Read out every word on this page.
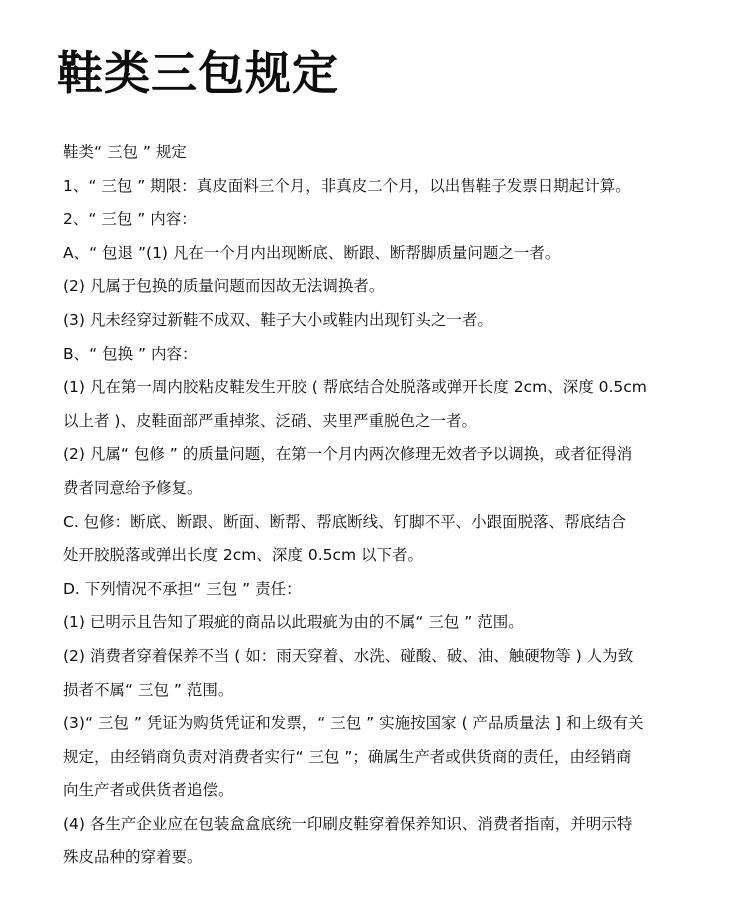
鞋类三包规定

鞋类“ 三包 ” 规定

1、“ 三包 ” 期限：真皮面料三个月，非真皮二个月，以出售鞋子发票日期起计算。

2、“ 三包 ” 内容：

A、“ 包退 ”(1) 凡在一个月内出现断底、断跟、断帮脚质量问题之一者。

(2) 凡属于包换的质量问题而因故无法调换者。

(3) 凡未经穿过新鞋不成双、鞋子大小或鞋内出现钉头之一者。

B、“ 包换 ” 内容：

(1) 凡在第一周内胶粘皮鞋发生开胶 ( 帮底结合处脱落或弹开长度 2cm、深度 0.5cm

以上者 )、皮鞋面部严重掉浆、泛硝、夹里严重脱色之一者。

(2) 凡属“ 包修 ” 的质量问题，在第一个月内两次修理无效者予以调换，或者征得消

费者同意给予修复。

C. 包修：断底、断跟、断面、断帮、帮底断线、钉脚不平、小跟面脱落、帮底结合

处开胶脱落或弹出长度 2cm、深度 0.5cm 以下者。

D. 下列情况不承担“ 三包 ” 责任：

(1) 已明示且告知了瑕疵的商品以此瑕疵为由的不属“ 三包 ” 范围。

(2) 消费者穿着保养不当 ( 如：雨天穿着、水洗、碰酸、破、油、触硬物等 ) 人为致

损者不属“ 三包 ” 范围。

(3)“ 三包 ” 凭证为购货凭证和发票，“ 三包 ” 实施按国家 ( 产品质量法 ] 和上级有关

规定，由经销商负责对消费者实行“ 三包 ”；确属生产者或供货商的责任，由经销商

向生产者或供货者追偿。

(4) 各生产企业应在包装盒盒底统一印刷皮鞋穿着保养知识、消费者指南，并明示特

殊皮品种的穿着要。
